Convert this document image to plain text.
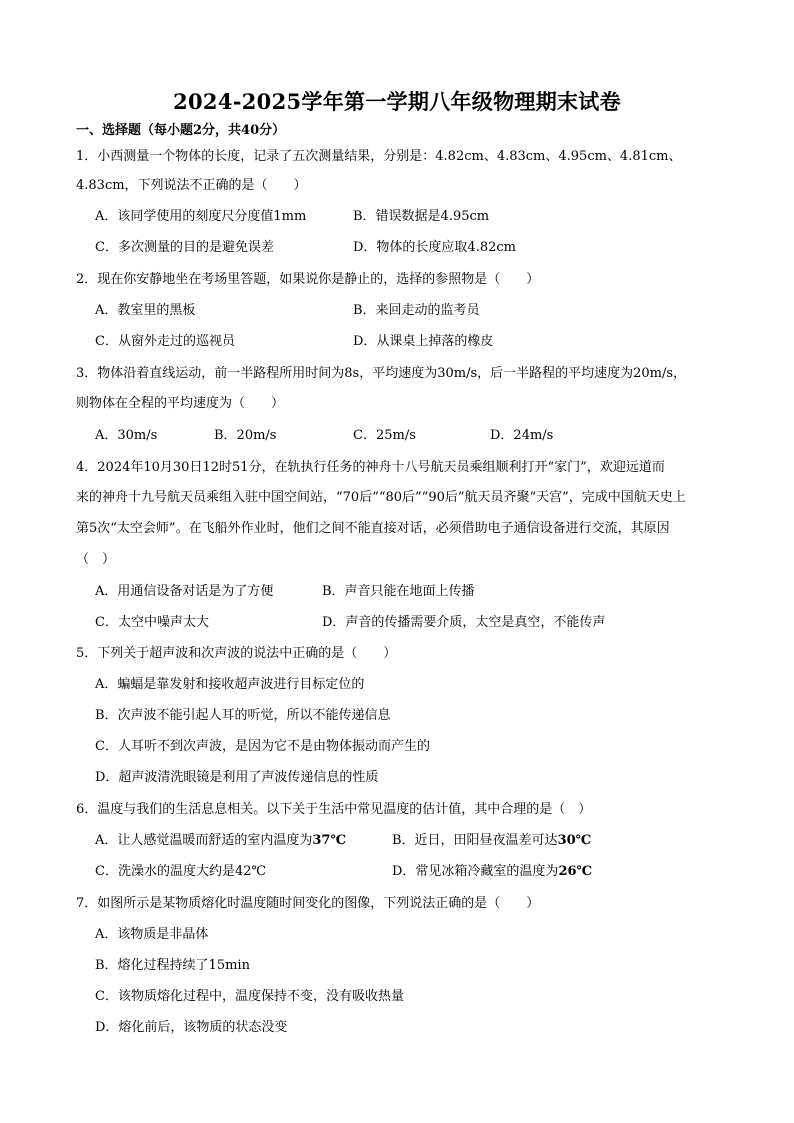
2024-2025学年第一学期八年级物理期末试卷
一、选择题（每小题2分，共40分）
1．小西测量一个物体的长度，记录了五次测量结果，分别是：4.82cm、4.83cm、4.95cm、4.81cm、
4.83cm，下列说法不正确的是（　　）
A．该同学使用的刻度尺分度值1mm	B．错误数据是4.95cm
C．多次测量的目的是避免误差	D．物体的长度应取4.82cm
2．现在你安静地坐在考场里答题，如果说你是静止的，选择的参照物是（　　）
A．教室里的黑板	B．来回走动的监考员
C．从窗外走过的巡视员	D．从课桌上掉落的橡皮
3．物体沿着直线运动，前一半路程所用时间为8s，平均速度为30m/s，后一半路程的平均速度为20m/s，
则物体在全程的平均速度为（　　）
A．30m/s	B．20m/s	C．25m/s	D．24m/s
4．2024年10月30日12时51分，在轨执行任务的神舟十八号航天员乘组顺利打开“家门”，欢迎远道而
来的神舟十九号航天员乘组入驻中国空间站，“70后”“80后”“90后”航天员齐聚“天宫”，完成中国航天史上
第5次“太空会师”。在飞船外作业时，他们之间不能直接对话，必须借助电子通信设备进行交流，其原因
（　）
A．用通信设备对话是为了方便	B．声音只能在地面上传播
C．太空中噪声太大	D．声音的传播需要介质，太空是真空，不能传声
5．下列关于超声波和次声波的说法中正确的是（　　）
A．蝙蝠是靠发射和接收超声波进行目标定位的
B．次声波不能引起人耳的听觉，所以不能传递信息
C．人耳听不到次声波，是因为它不是由物体振动而产生的
D．超声波清洗眼镜是利用了声波传递信息的性质
6．温度与我们的生活息息相关。以下关于生活中常见温度的估计值，其中合理的是（　）
A．让人感觉温暖而舒适的室内温度为37℃	B．近日，田阳昼夜温差可达30℃
C．洗澡水的温度大约是42℃	D．常见冰箱冷藏室的温度为26℃
7．如图所示是某物质熔化时温度随时间变化的图像，下列说法正确的是（　　）
A．该物质是非晶体
B．熔化过程持续了15min
C．该物质熔化过程中，温度保持不变，没有吸收热量
D．熔化前后，该物质的状态没变
